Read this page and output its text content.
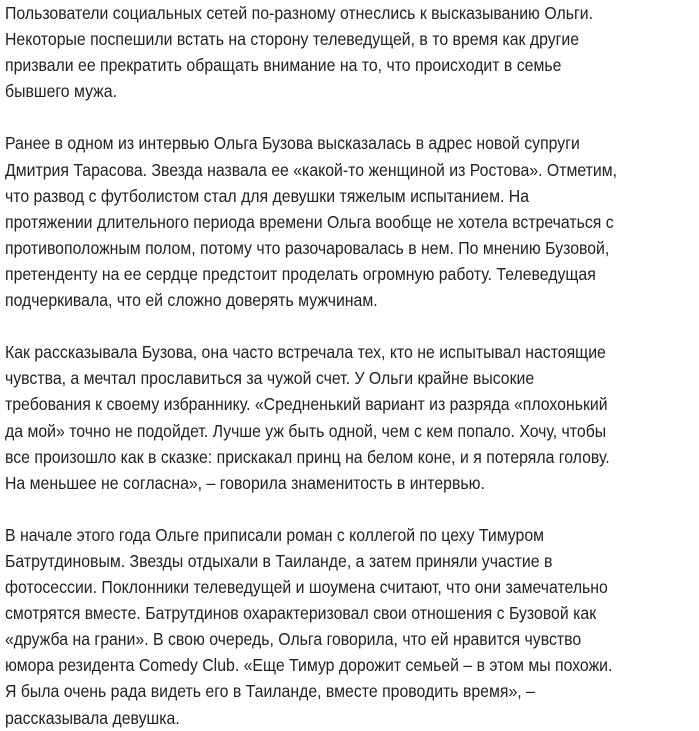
Пользователи социальных сетей по-разному отнеслись к высказыванию Ольги.
Некоторые поспешили встать на сторону телеведущей, в то время как другие
призвали ее прекратить обращать внимание на то, что происходит в семье
бывшего мужа.
Ранее в одном из интервью Ольга Бузова высказалась в адрес новой супруги
Дмитрия Тарасова. Звезда назвала ее «какой-то женщиной из Ростова». Отметим,
что развод с футболистом стал для девушки тяжелым испытанием. На
протяжении длительного периода времени Ольга вообще не хотела встречаться с
противоположным полом, потому что разочаровалась в нем. По мнению Бузовой,
претенденту на ее сердце предстоит проделать огромную работу. Телеведущая
подчеркивала, что ей сложно доверять мужчинам.
Как рассказывала Бузова, она часто встречала тех, кто не испытывал настоящие
чувства, а мечтал прославиться за чужой счет. У Ольги крайне высокие
требования к своему избраннику. «Средненький вариант из разряда «плохонький
да мой» точно не подойдет. Лучше уж быть одной, чем с кем попало. Хочу, чтобы
все произошло как в сказке: прискакал принц на белом коне, и я потеряла голову.
На меньшее не согласна», – говорила знаменитость в интервью.
В начале этого года Ольге приписали роман с коллегой по цеху Тимуром
Батрутдиновым. Звезды отдыхали в Таиланде, а затем приняли участие в
фотосессии. Поклонники телеведущей и шоумена считают, что они замечательно
смотрятся вместе. Батрутдинов охарактеризовал свои отношения с Бузовой как
«дружба на грани». В свою очередь, Ольга говорила, что ей нравится чувство
юмора резидента Comedy Club. «Еще Тимур дорожит семьей – в этом мы похожи.
Я была очень рада видеть его в Таиланде, вместе проводить время», –
рассказывала девушка.
